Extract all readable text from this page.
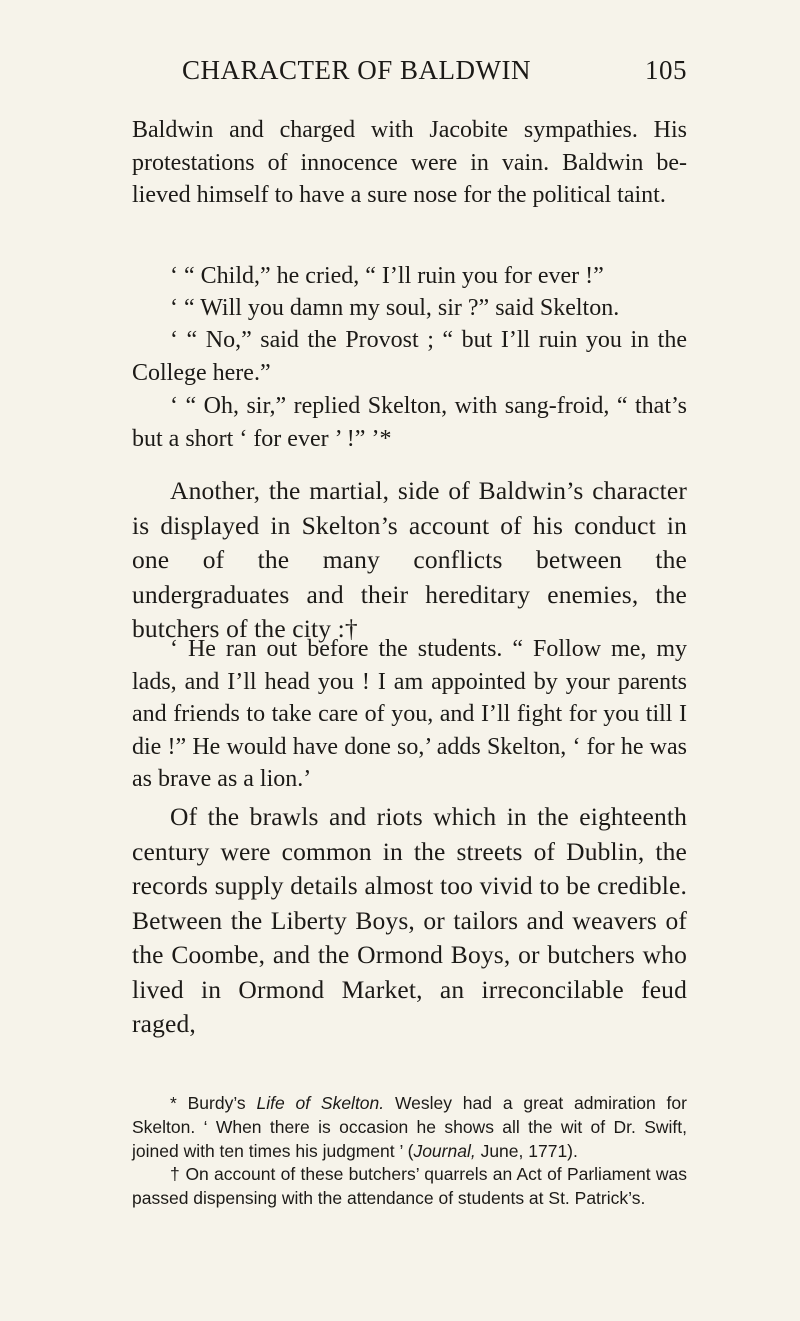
CHARACTER OF BALDWIN	105

Baldwin and charged with Jacobite sympathies. His protestations of innocence were in vain. Baldwin be-lieved himself to have a sure nose for the political taint.

‘ “ Child,” he cried, “ I’ll ruin you for ever !”

‘ “ Will you damn my soul, sir ?” said Skelton.

‘ “ No,” said the Provost ; “ but I’ll ruin you in the College here.”

‘ “ Oh, sir,” replied Skelton, with sang-froid, “ that’s but a short ‘ for ever ’ !” ’*

Another, the martial, side of Baldwin’s character is displayed in Skelton’s account of his conduct in one of the many conflicts between the undergraduates and their hereditary enemies, the butchers of the city :†

‘ He ran out before the students. “ Follow me, my lads, and I’ll head you ! I am appointed by your parents and friends to take care of you, and I’ll fight for you till I die !” He would have done so,’ adds Skelton, ‘ for he was as brave as a lion.’

Of the brawls and riots which in the eighteenth century were common in the streets of Dublin, the records supply details almost too vivid to be credible. Between the Liberty Boys, or tailors and weavers of the Coombe, and the Ormond Boys, or butchers who lived in Ormond Market, an irreconcilable feud raged,

* Burdy’s Life of Skelton. Wesley had a great admiration for Skelton. ‘ When there is occasion he shows all the wit of Dr. Swift, joined with ten times his judgment ’ (Journal, June, 1771).

† On account of these butchers’ quarrels an Act of Parliament was passed dispensing with the attendance of students at St. Patrick’s.
